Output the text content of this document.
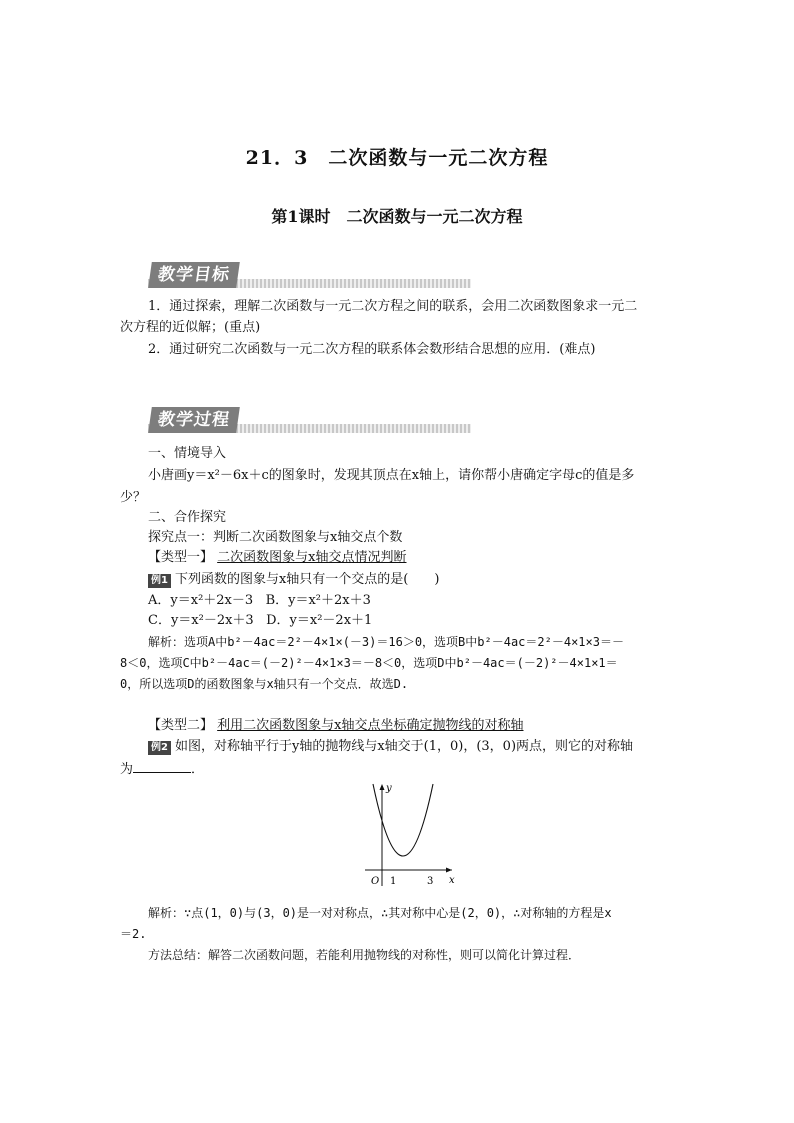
21．3　二次函数与一元二次方程
第1课时　二次函数与一元二次方程
教学目标
1．通过探索，理解二次函数与一元二次方程之间的联系，会用二次函数图象求一元二
次方程的近似解；(重点)
2．通过研究二次函数与一元二次方程的联系体会数形结合思想的应用．(难点)
教学过程
一、情境导入
小唐画y＝x²－6x＋c的图象时，发现其顶点在x轴上，请你帮小唐确定字母c的值是多
少？
二、合作探究
探究点一：判断二次函数图象与x轴交点个数
【类型一】 二次函数图象与x轴交点情况判断
例1 下列函数的图象与x轴只有一个交点的是(　　)
A．y＝x²＋2x－3 B．y＝x²＋2x＋3
C．y＝x²－2x＋3 D．y＝x²－2x＋1
解析：选项A中b²－4ac＝2²－4×1×(－3)＝16＞0，选项B中b²－4ac＝2²－4×1×3＝－
8＜0，选项C中b²－4ac＝(－2)²－4×1×3＝－8＜0，选项D中b²－4ac＝(－2)²－4×1×1＝
0，所以选项D的函数图象与x轴只有一个交点．故选D.
【类型二】 利用二次函数图象与x轴交点坐标确定抛物线的对称轴
例2 如图，对称轴平行于y轴的抛物线与x轴交于(1，0)，(3，0)两点，则它的对称轴
为	．
y
x
O 1	3
解析：∵点(1，0)与(3，0)是一对对称点，∴其对称中心是(2，0)，∴对称轴的方程是x
＝2.
方法总结：解答二次函数问题，若能利用抛物线的对称性，则可以简化计算过程．
